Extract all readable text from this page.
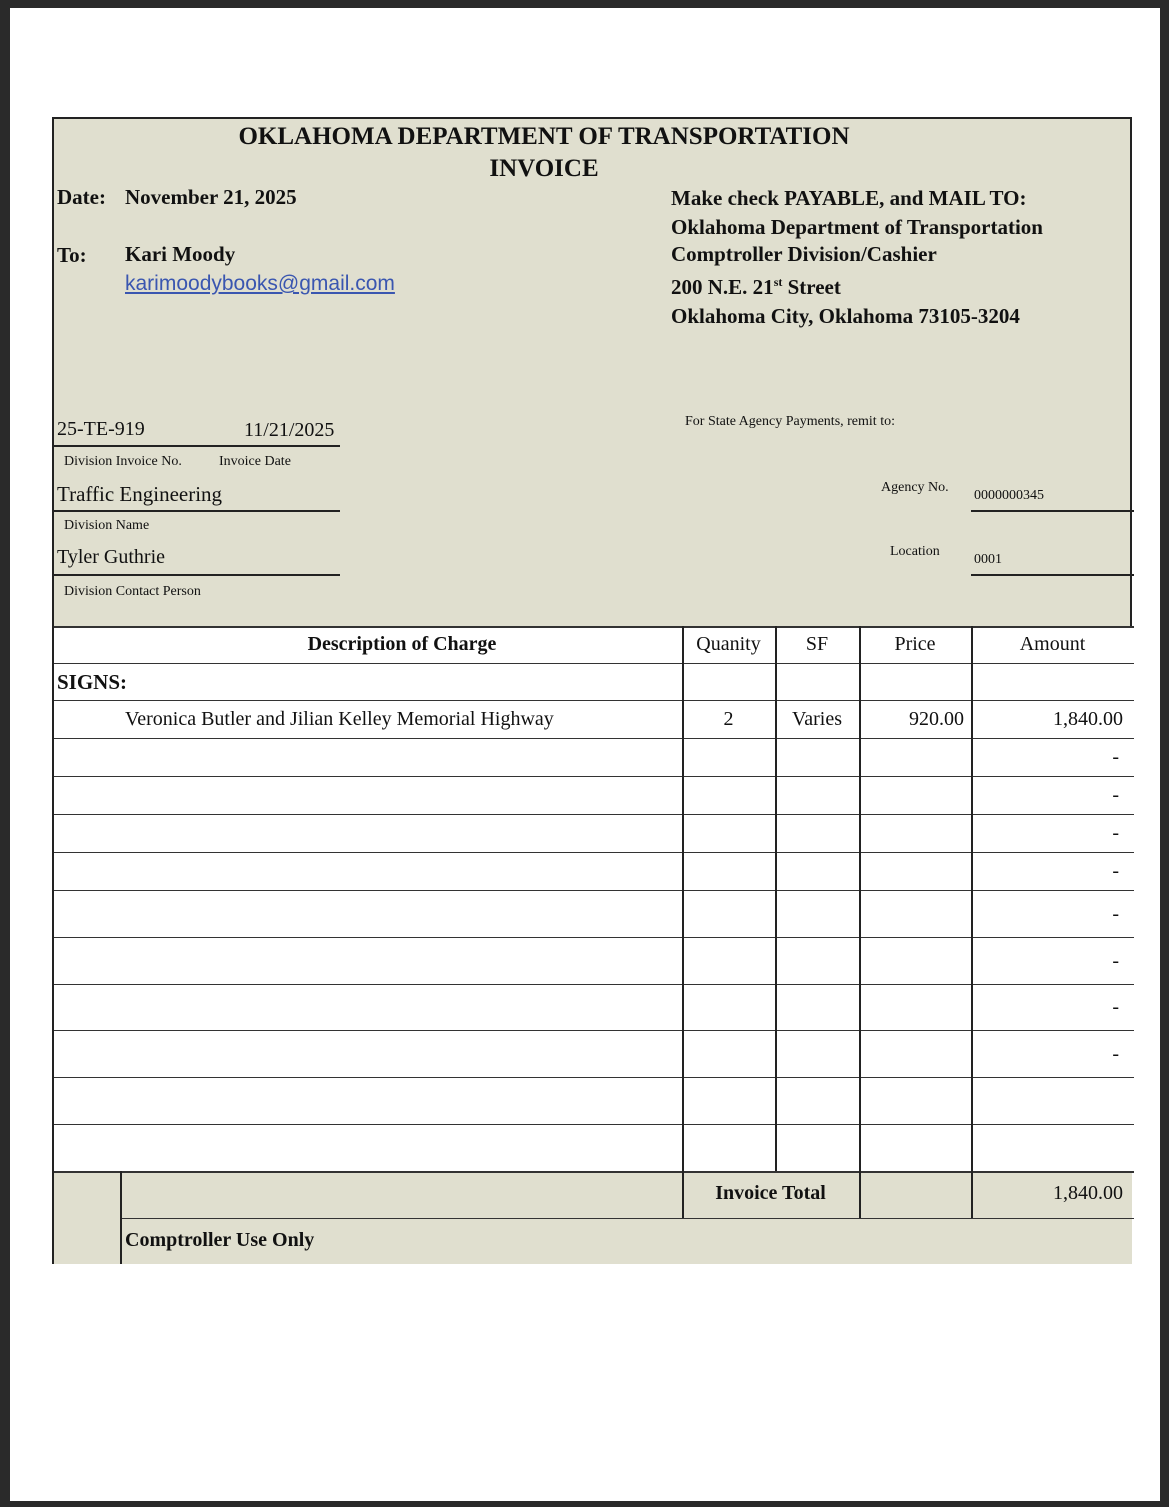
OKLAHOMA DEPARTMENT OF TRANSPORTATION
INVOICE
Date: November 21, 2025
To: Kari Moody
karimoodybooks@gmail.com
Make check PAYABLE, and MAIL TO:
Oklahoma Department of Transportation
Comptroller Division/Cashier
200 N.E. 21st Street
Oklahoma City, Oklahoma 73105-3204
25-TE-919	11/21/2025
Division Invoice No.	Invoice Date
Traffic Engineering
Division Name
Tyler Guthrie
Division Contact Person
For State Agency Payments, remit to:
Agency No.
0000000345
Location
0001
Description of Charge	Quanity	SF	Price	Amount
SIGNS:
Veronica Butler and Jilian Kelley Memorial Highway	2	Varies	920.00	1,840.00
-
-
-
-
-
-
-
-
Invoice Total	1,840.00
Comptroller Use Only
